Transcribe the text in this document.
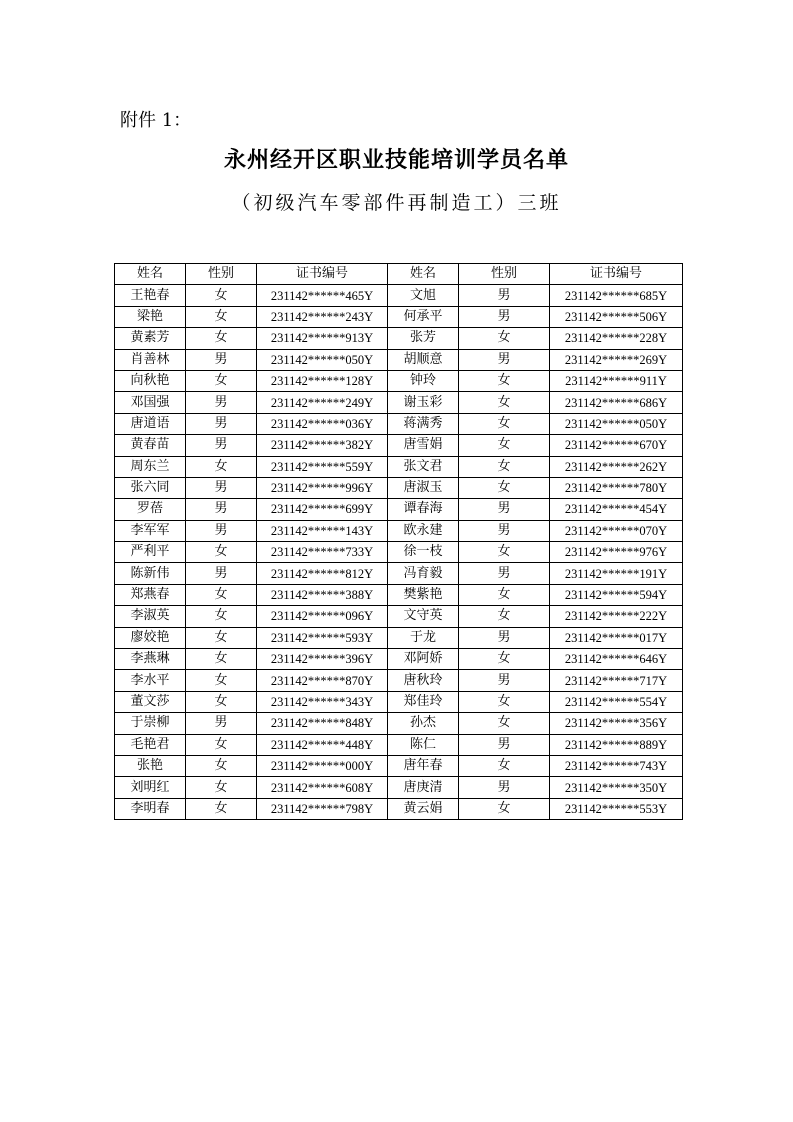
附件 1：
永州经开区职业技能培训学员名单
（初级汽车零部件再制造工）三班
姓名	性别	证书编号	姓名	性别	证书编号
王艳春	女	231142******465Y	文旭	男	231142******685Y
梁艳	女	231142******243Y	何承平	男	231142******506Y
黄素芳	女	231142******913Y	张芳	女	231142******228Y
肖善林	男	231142******050Y	胡顺意	男	231142******269Y
向秋艳	女	231142******128Y	钟玲	女	231142******911Y
邓国强	男	231142******249Y	谢玉彩	女	231142******686Y
唐道语	男	231142******036Y	蒋满秀	女	231142******050Y
黄春苗	男	231142******382Y	唐雪娟	女	231142******670Y
周东兰	女	231142******559Y	张文君	女	231142******262Y
张六同	男	231142******996Y	唐淑玉	女	231142******780Y
罗蓓	男	231142******699Y	谭春海	男	231142******454Y
李军军	男	231142******143Y	欧永建	男	231142******070Y
严利平	女	231142******733Y	徐一枝	女	231142******976Y
陈新伟	男	231142******812Y	冯育毅	男	231142******191Y
郑燕春	女	231142******388Y	樊紫艳	女	231142******594Y
李淑英	女	231142******096Y	文守英	女	231142******222Y
廖姣艳	女	231142******593Y	于龙	男	231142******017Y
李燕琳	女	231142******396Y	邓阿娇	女	231142******646Y
李水平	女	231142******870Y	唐秋玲	男	231142******717Y
董文莎	女	231142******343Y	郑佳玲	女	231142******554Y
于崇柳	男	231142******848Y	孙杰	女	231142******356Y
毛艳君	女	231142******448Y	陈仁	男	231142******889Y
张艳	女	231142******000Y	唐年春	女	231142******743Y
刘明红	女	231142******608Y	唐庚清	男	231142******350Y
李明春	女	231142******798Y	黄云娟	女	231142******553Y
